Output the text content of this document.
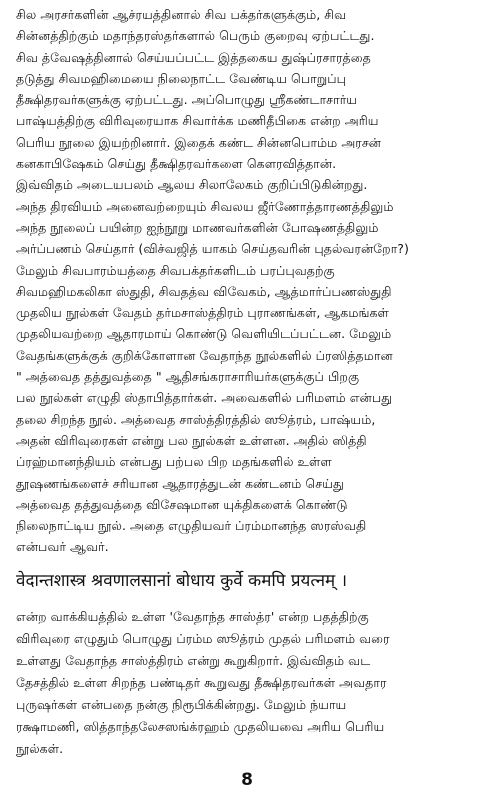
சில அரசர்களின் ஆச்ரயத்தினால் சிவ பக்தர்களுக்கும், சிவ
சின்னத்திற்கும் மதாந்தரஸ்தர்களால் பெரும் குறைவு ஏற்பட்டது.
சிவ த்வேஷத்தினால் செய்யப்பட்ட இத்தகைய துஷ்ப்ரசாரத்தை
தடுத்து சிவமஹிமையை நிலைநாட்ட வேண்டிய பொறுப்பு
தீக்ஷிதரவர்களுக்கு ஏற்பட்டது. அப்பொழுது ஸ்ரீகண்டாசார்ய
பாஷ்யத்திற்கு விரிவுரையாக சிவார்க்க மணிதீபிகை என்ற அரிய
பெரிய நூலை இயற்றினார். இதைக் கண்ட சின்னபொம்ம அரசன்
கனகாபிஷேகம் செய்து தீக்ஷிதரவர்களை கௌரவித்தான்.
இவ்விதம் அடையபலம் ஆலய சிலாலேகம் குறிப்பிடுகின்றது.
அந்த திரவியம் அனைவற்றையும் சிவலய ஜீர்ணோத்தாரணத்திலும்
அந்த நூலைப் பயின்ற ஐந்நூறு மாணவர்களின் போஷணத்திலும்
அர்ப்பணம் செய்தார் (விச்வஜித் யாகம் செய்தவரின் புதல்வரன்றோ?)
மேலும் சிவபாரம்யத்தை சிவபக்தர்களிடம் பரப்புவதற்கு
சிவமஹிமகலிகா ஸ்துதி, சிவதத்வ விவேகம், ஆத்மார்ப்பணஸ்துதி
முதலிய நூல்கள் வேதம் தர்மசாஸ்த்திரம் புராணங்கள், ஆகமங்கள்
முதலியவற்றை ஆதாரமாய் கொண்டு வெளியிடப்பட்டன. மேலும்
வேதங்களுக்குக் குறிக்கோளான வேதாந்த நூல்களில் ப்ரஸித்தமான
" அத்வைத தத்துவத்தை " ஆதிசங்கராசாரியர்களுக்குப் பிறகு
பல நூல்கள் எழுதி ஸ்தாபித்தார்கள். அவைகளில் பரிமளம் என்பது
தலை சிறந்த நூல். அத்வைத சாஸ்த்திரத்தில் ஸூத்ரம், பாஷ்யம்,
அதன் விரிவுரைகள் என்று பல நூல்கள் உள்ளன. அதில் ஸித்தி
ப்ரஹ்மானந்தியம் என்பது பற்பல பிற மதங்களில் உள்ள
தூஷணங்களைச் சரியான ஆதாரத்துடன் கண்டனம் செய்து
அத்வைத தத்துவத்தை விசேஷமான யுக்திகளைக் கொண்டு
நிலைநாட்டிய நூல். அதை எழுதியவர் ப்ரம்மானந்த ஸரஸ்வதி
என்பவர் ஆவர்.
वेदान्तशास्त्र श्रवणालसानां बोधाय कुर्वे कमपि प्रयत्नम् ।
என்ற வாக்கியத்தில் உள்ள 'வேதாந்த சாஸ்த்ர' என்ற பதத்திற்கு
விரிவுரை எழுதும் பொழுது ப்ரம்ம ஸூத்ரம் முதல் பரிமளம் வரை
உள்ளது வேதாந்த சாஸ்த்திரம் என்று கூறுகிறார். இவ்விதம் வட
தேசத்தில் உள்ள சிறந்த பண்டிதர் கூறுவது தீக்ஷிதரவர்கள் அவதார
புருஷர்கள் என்பதை நன்கு நிரூபிக்கின்றது. மேலும் ந்யாய
ரக்ஷாமணி, ஸித்தாந்தலேசஸங்க்ரஹம் முதலியவை அரிய பெரிய
நூல்கள்.
8
